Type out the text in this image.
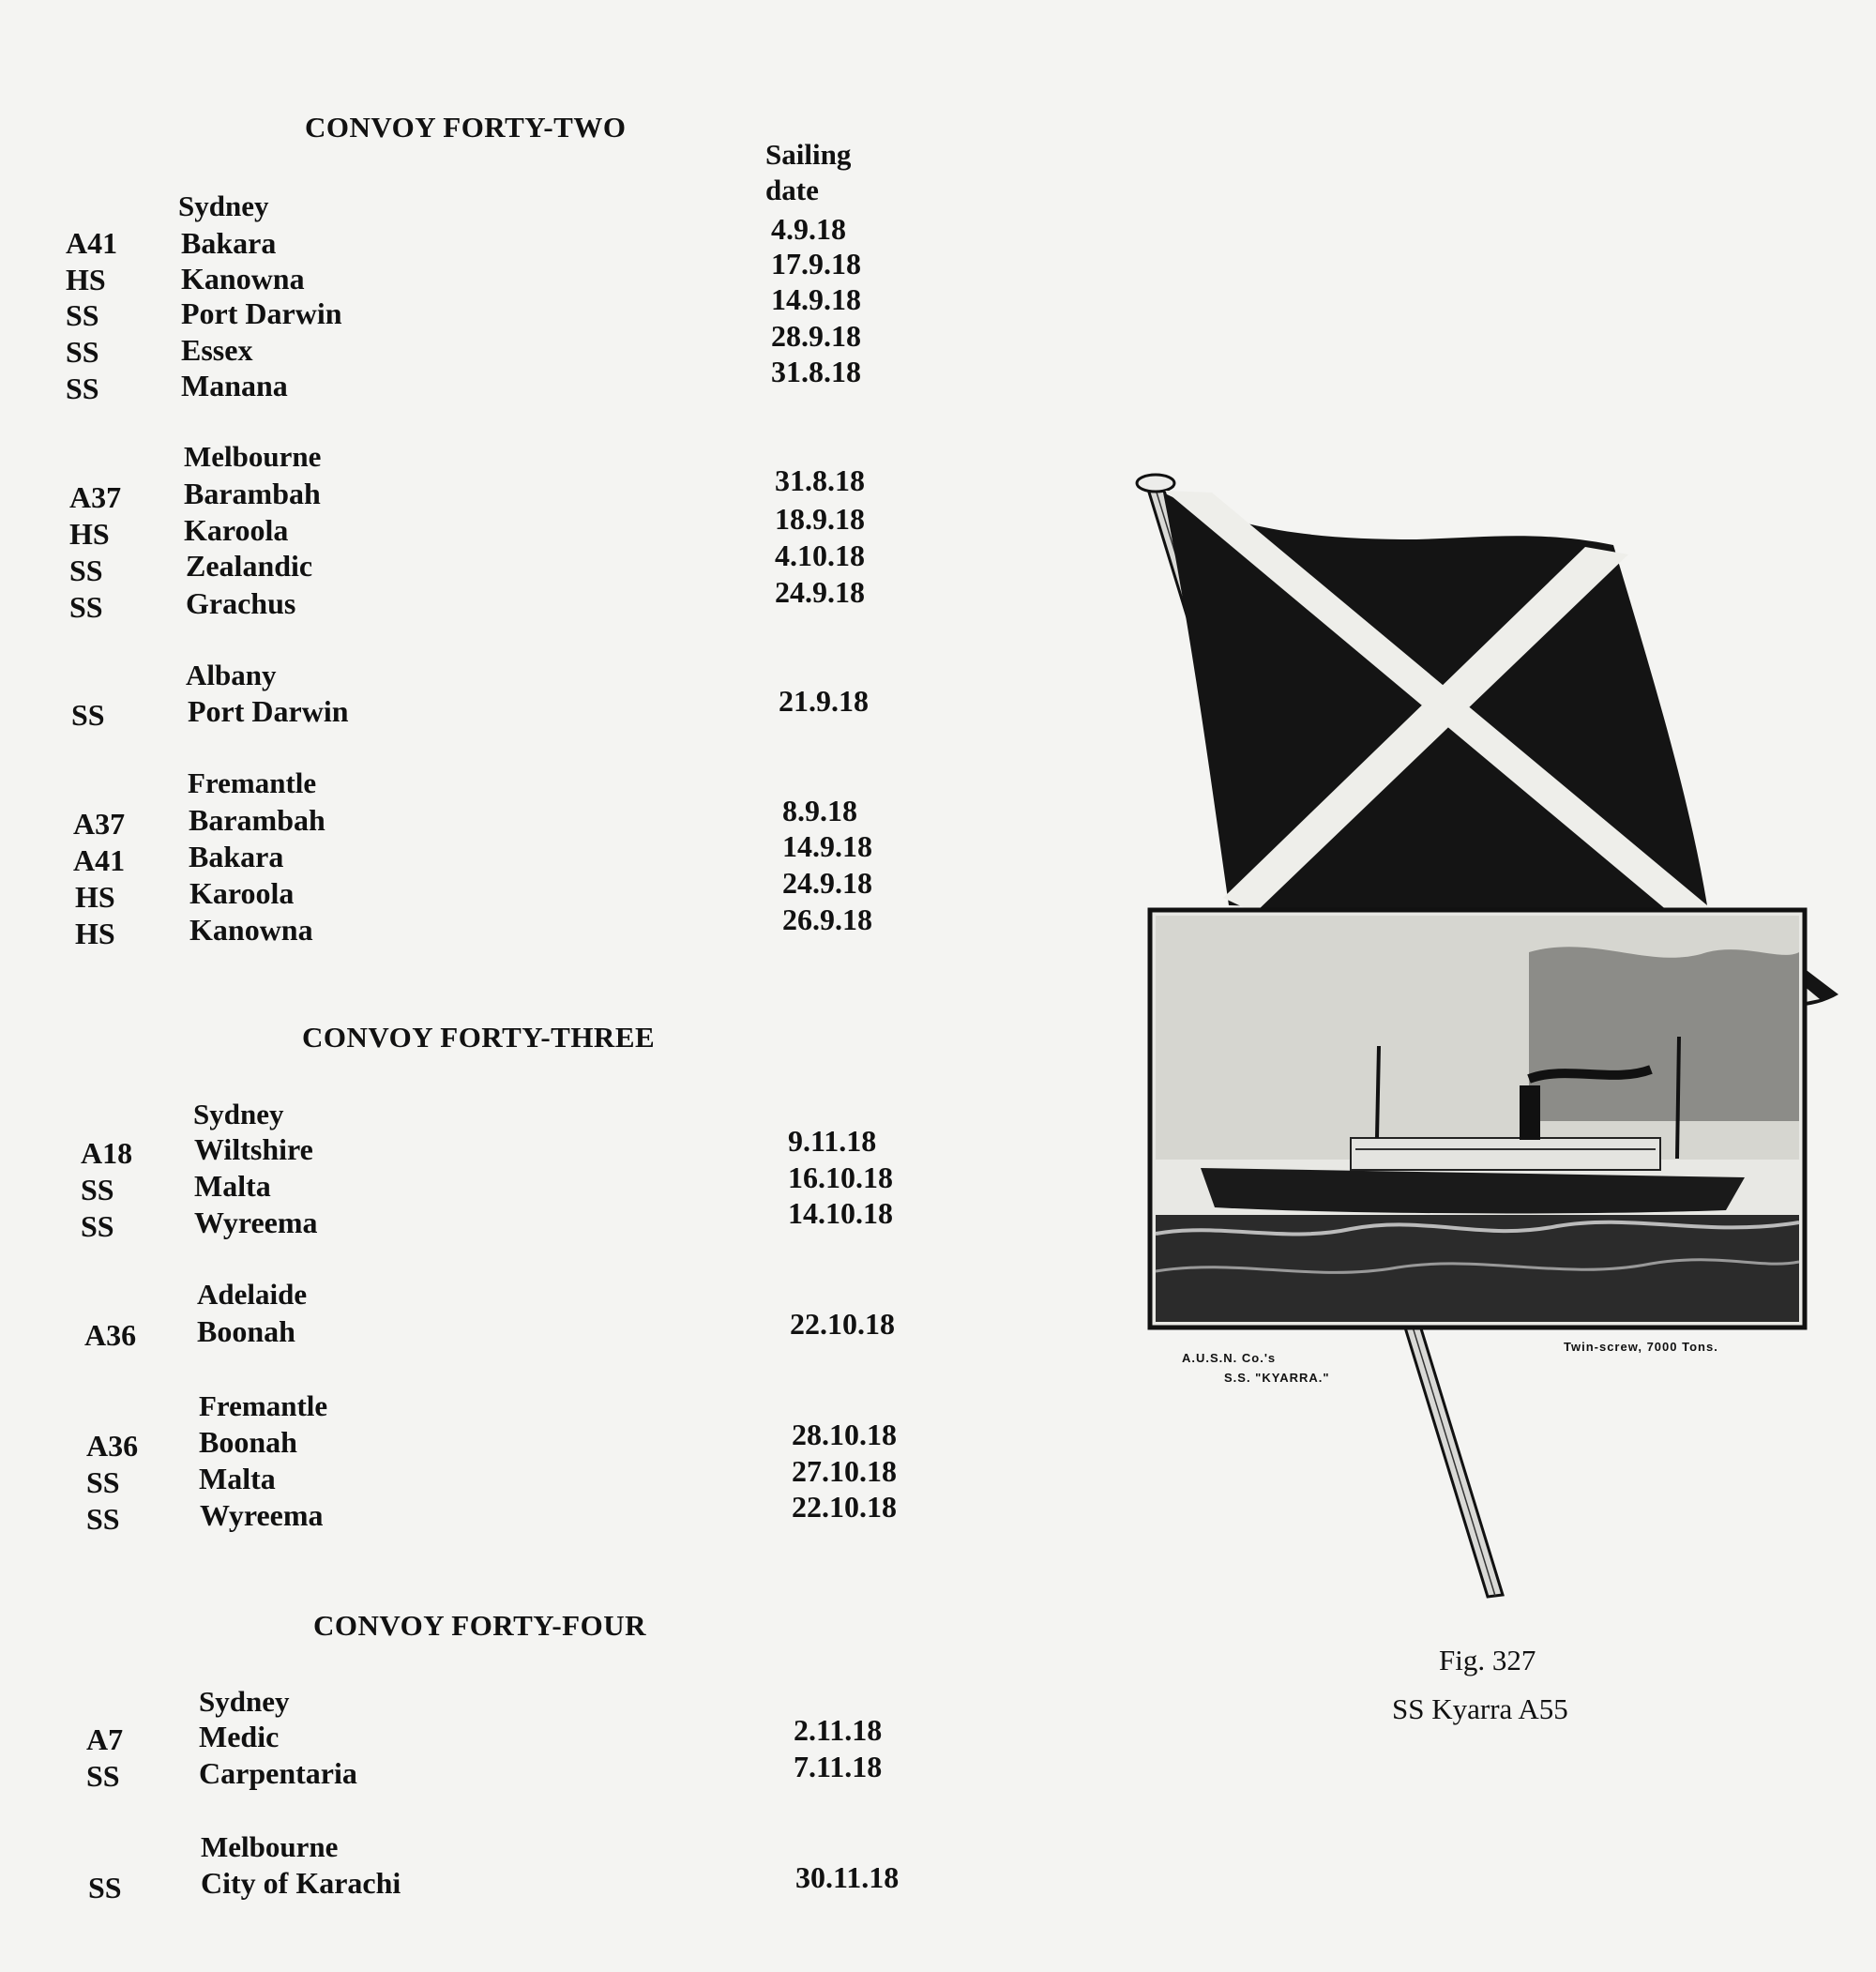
CONVOY FORTY-TWO
Sailing date
Sydney
A41 Bakara	4.9.18
HS	Kanowna	17.9.18
SS	Port Darwin	14.9.18
SS	Essex	28.9.18
SS	Manana	31.8.18
Melbourne
A37 Barambah	31.8.18
HS Karoola	18.9.18
SS	Zealandic	4.10.18
SS	Grachus	24.9.18
Albany
SS	Port Darwin	21.9.18
Fremantle
A37 Barambah	8.9.18
A41 Bakara	14.9.18
HS Karoola	24.9.18
HS Kanowna	26.9.18
CONVOY FORTY-THREE
Sydney
A18 Wiltshire	9.11.18
SS	Malta	16.10.18
SS	Wyreema	14.10.18
Adelaide
A36 Boonah	22.10.18
Fremantle
A36 Boonah	28.10.18
SS	Malta	27.10.18
SS	Wyreema	22.10.18
CONVOY FORTY-FOUR
Sydney
A7	Medic	2.11.18
SS	Carpentaria	7.11.18
Melbourne
SS	City of Karachi	30.11.18
A.U.S.N. Co.'s
S.S. "KYARRA."
Twin-screw, 7000 Tons.
Fig. 327
SS Kyarra A55
